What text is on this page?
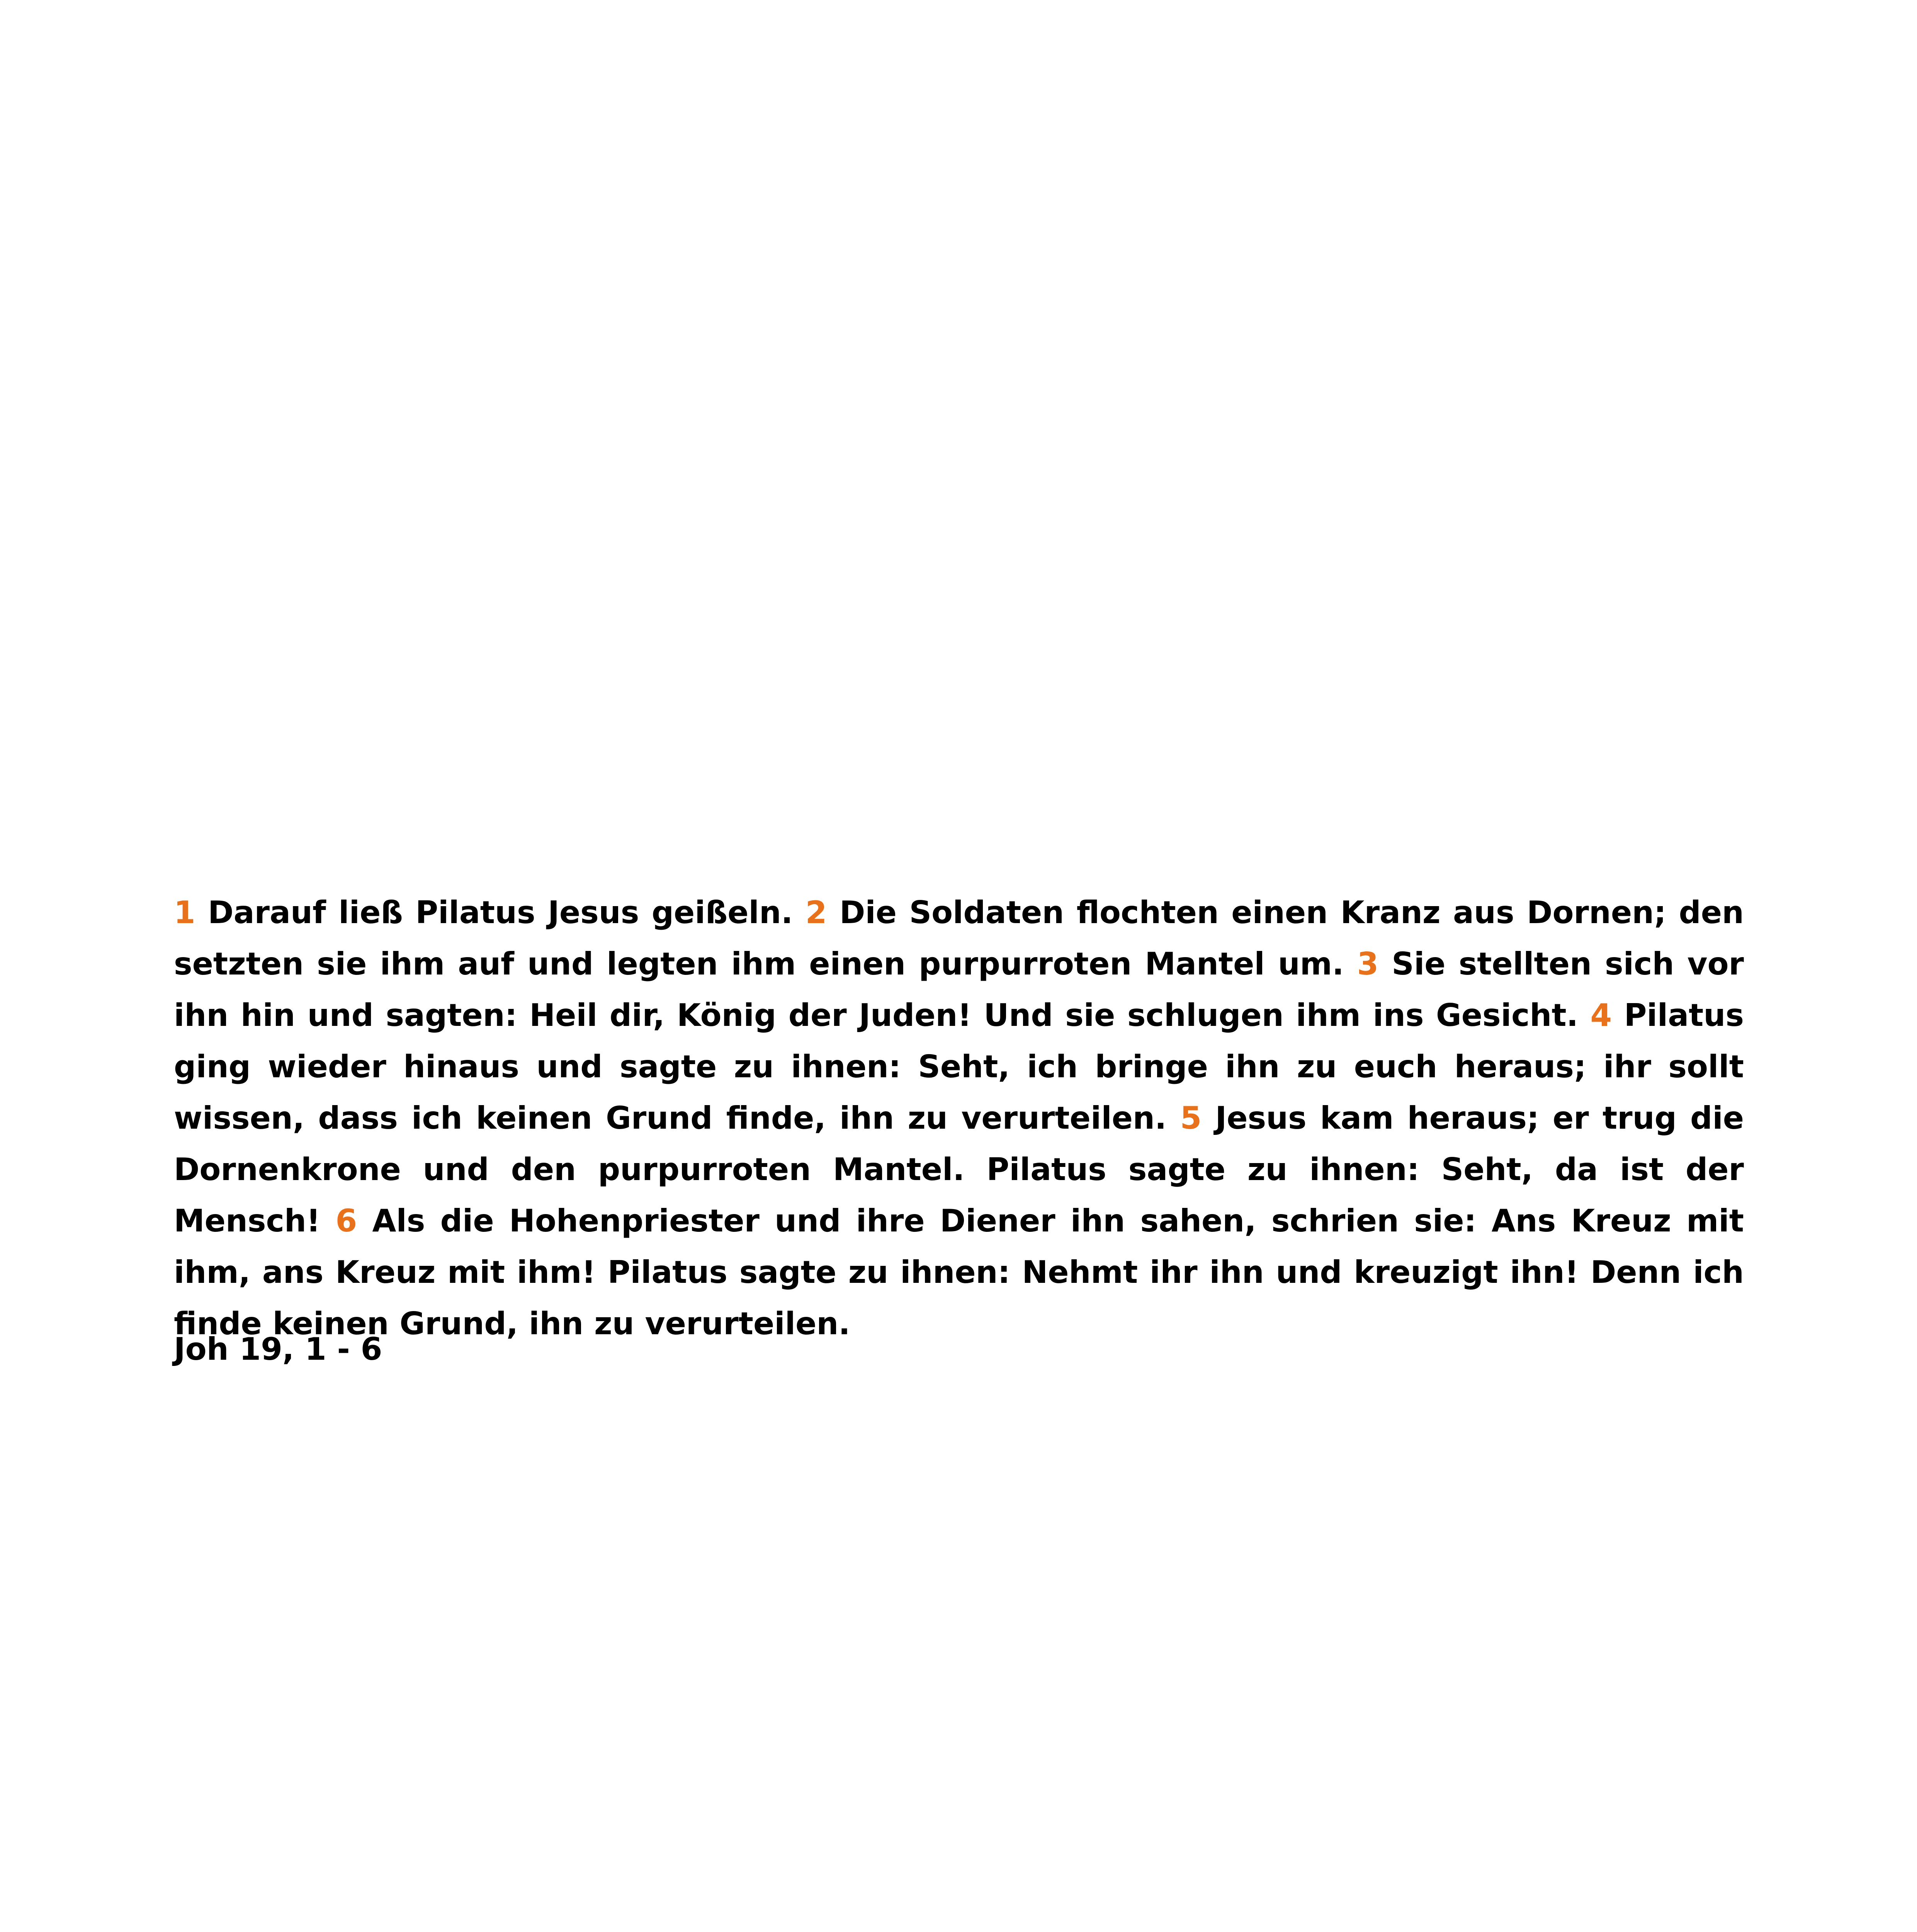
1 Darauf ließ Pilatus Jesus geißeln. 2 Die Soldaten flochten einen Kranz aus Dornen; den setzten sie ihm auf und legten ihm einen purpurroten Mantel um. 3 Sie stellten sich vor ihn hin und sagten: Heil dir, König der Juden! Und sie schlugen ihm ins Gesicht. 4 Pilatus ging wieder hinaus und sagte zu ihnen: Seht, ich bringe ihn zu euch heraus; ihr sollt wissen, dass ich keinen Grund finde, ihn zu verurteilen. 5 Jesus kam heraus; er trug die Dornenkrone und den purpurroten Mantel. Pilatus sagte zu ihnen: Seht, da ist der Mensch! 6 Als die Hohenpriester und ihre Diener ihn sahen, schrien sie: Ans Kreuz mit ihm, ans Kreuz mit ihm! Pilatus sagte zu ihnen: Nehmt ihr ihn und kreuzigt ihn! Denn ich finde keinen Grund, ihn zu verurteilen.

Joh 19, 1 - 6
